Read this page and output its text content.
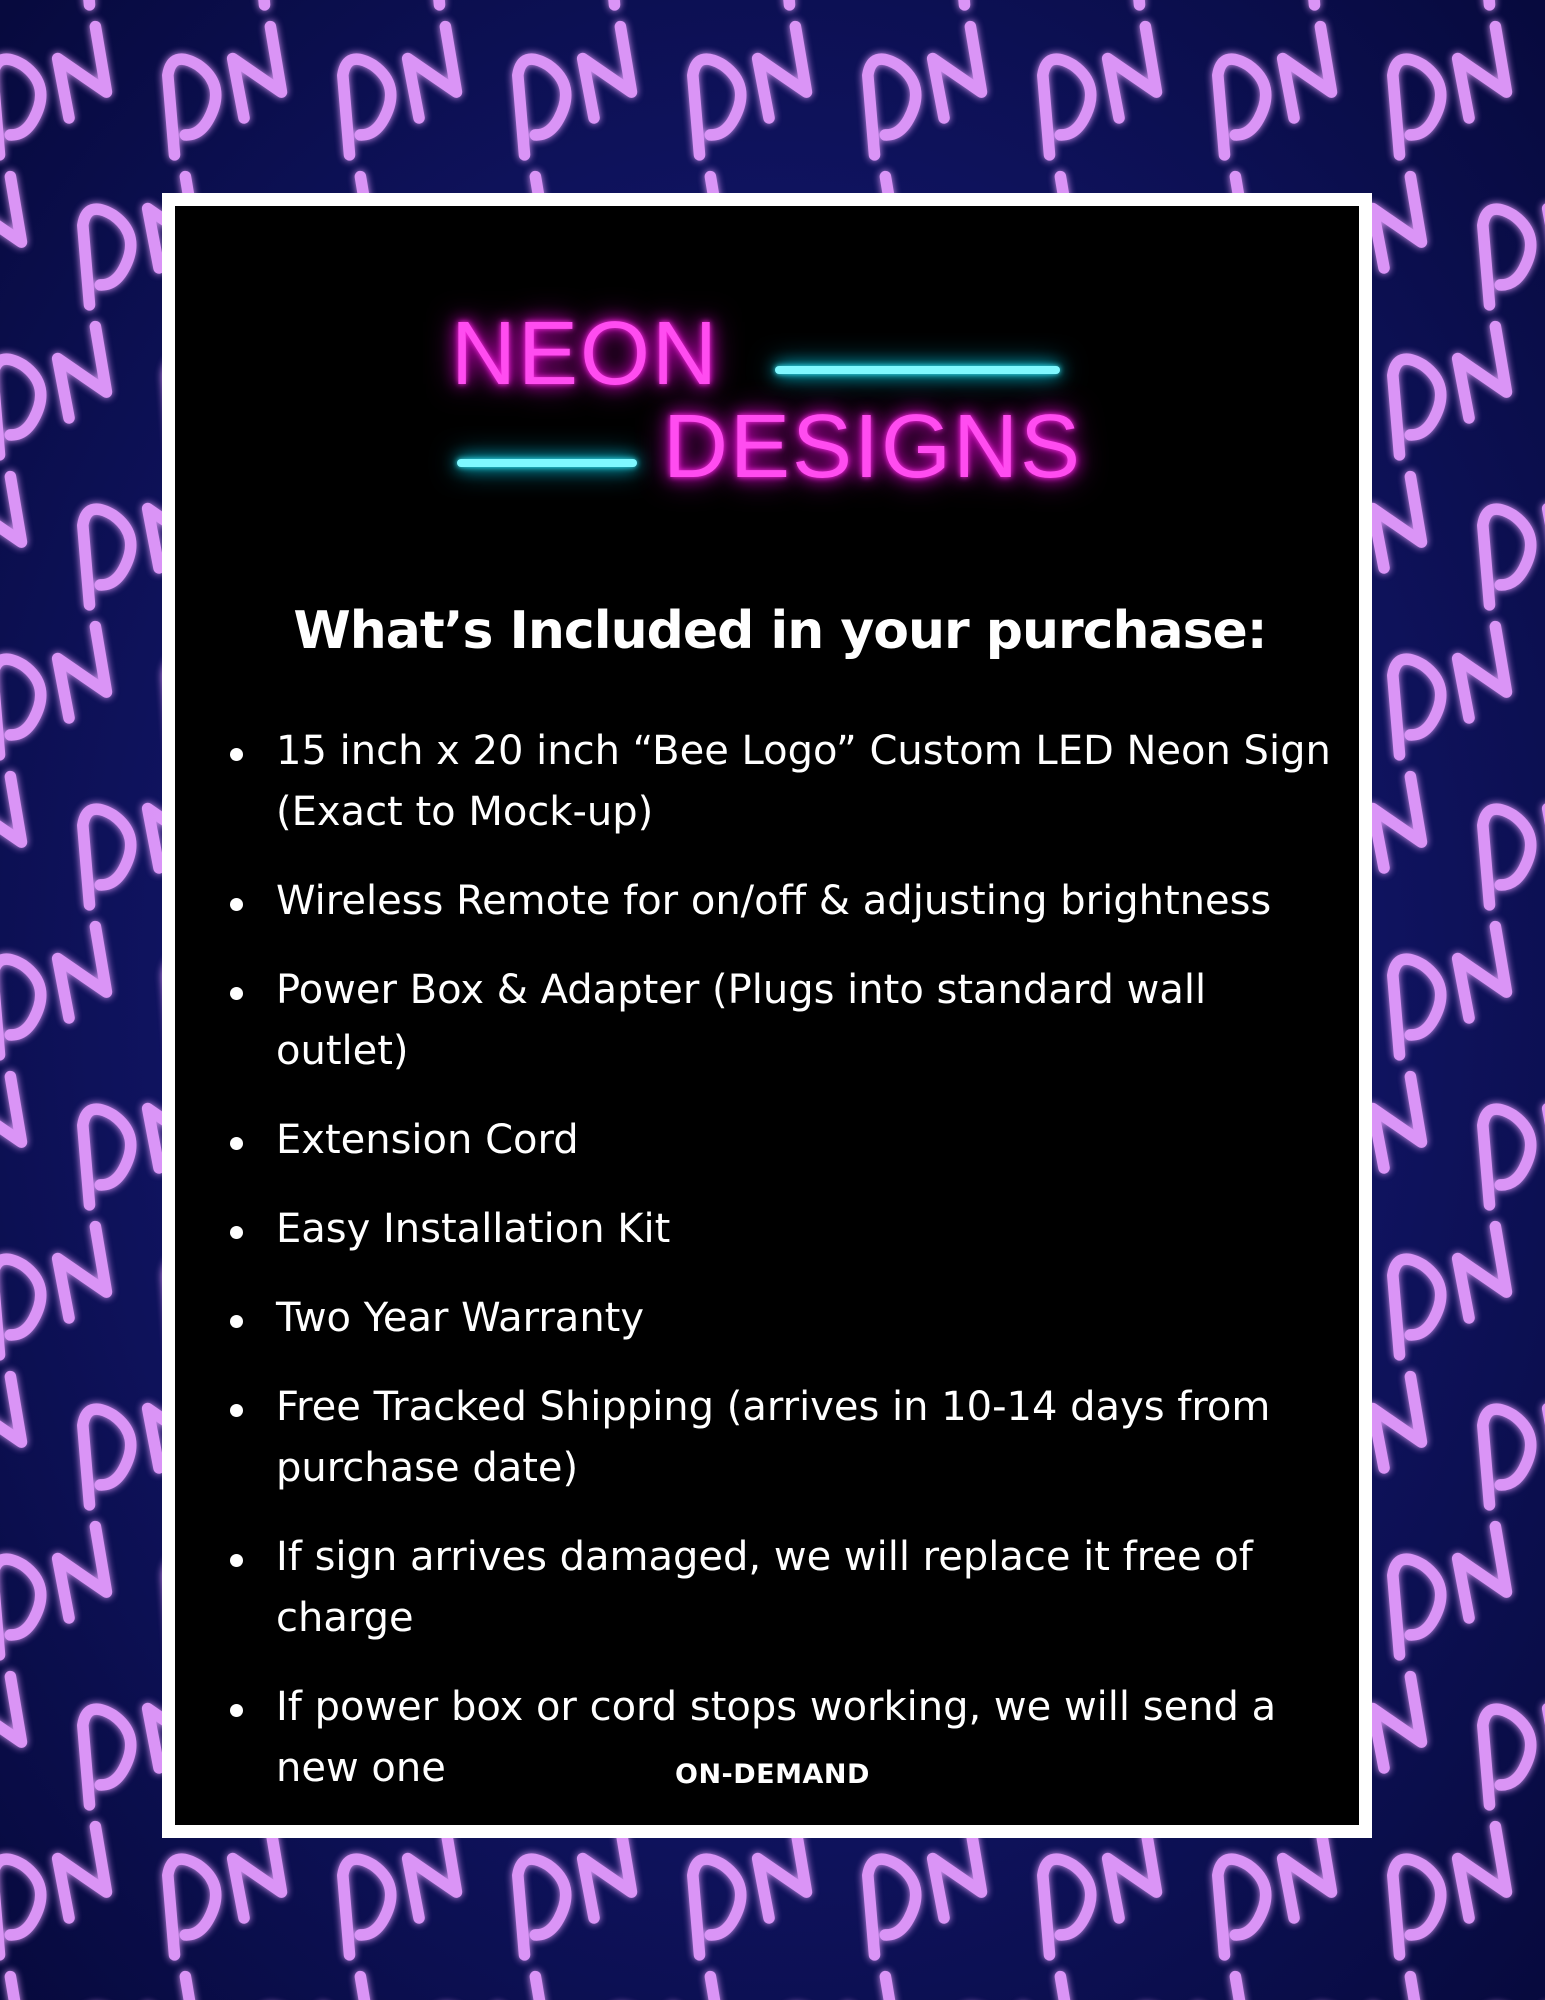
NEON
DESIGNS
What’s Included in your purchase:
15 inch x 20 inch “Bee Logo” Custom LED Neon Sign (Exact to Mock-up)
Wireless Remote for on/off & adjusting brightness
Power Box & Adapter (Plugs into standard wall outlet)
Extension Cord
Easy Installation Kit
Two Year Warranty
Free Tracked Shipping (arrives in 10-14 days from purchase date)
If sign arrives damaged, we will replace it free of charge
If power box or cord stops working, we will send a new one	ON-DEMAND
